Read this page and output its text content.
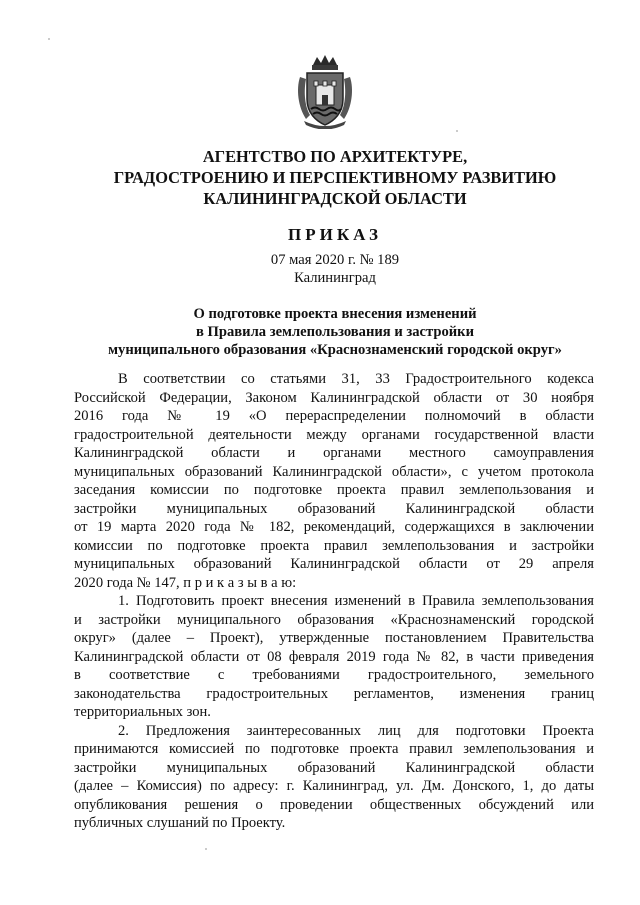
АГЕНТСТВО ПО АРХИТЕКТУРЕ,
ГРАДОСТРОЕНИЮ И ПЕРСПЕКТИВНОМУ РАЗВИТИЮ
КАЛИНИНГРАДСКОЙ ОБЛАСТИ
ПРИКАЗ
07 мая 2020 г. № 189
Калининград
О подготовке проекта внесения изменений
в Правила землепользования и застройки
муниципального образования «Краснознаменский городской округ»
В соответствии со статьями 31, 33 Градостроительного кодекса
Российской Федерации, Законом Калининградской области от 30 ноября
2016 года № 19 «О перераспределении полномочий в области
градостроительной деятельности между органами государственной власти
Калининградской области и органами местного самоуправления
муниципальных образований Калининградской области», с учетом протокола
заседания комиссии по подготовке проекта правил землепользования и
застройки муниципальных образований Калининградской области
от 19 марта 2020 года № 182, рекомендаций, содержащихся в заключении
комиссии по подготовке проекта правил землепользования и застройки
муниципальных образований Калининградской области от 29 апреля
2020 года № 147, п р и к а з ы в а ю:
1. Подготовить проект внесения изменений в Правила землепользования
и застройки муниципального образования «Краснознаменский городской
округ» (далее – Проект), утвержденные постановлением Правительства
Калининградской области от 08 февраля 2019 года № 82, в части приведения
в соответствие с требованиями градостроительного, земельного
законодательства градостроительных регламентов, изменения границ
территориальных зон.
2. Предложения заинтересованных лиц для подготовки Проекта
принимаются комиссией по подготовке проекта правил землепользования и
застройки муниципальных образований Калининградской области
(далее – Комиссия) по адресу: г. Калининград, ул. Дм. Донского, 1, до даты
опубликования решения о проведении общественных обсуждений или
публичных слушаний по Проекту.
